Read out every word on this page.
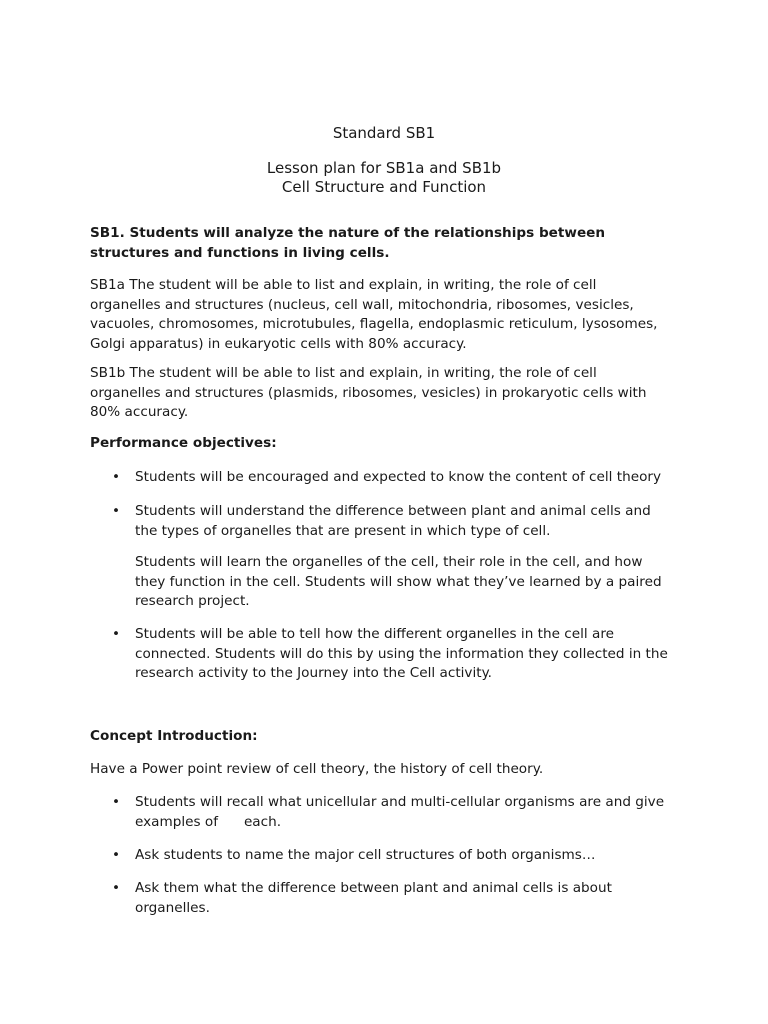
Standard SB1

Lesson plan for SB1a and SB1b

Cell Structure and Function

SB1. Students will analyze the nature of the relationships between
structures and functions in living cells.
SB1a The student will be able to list and explain, in writing, the role of cell
organelles and structures (nucleus, cell wall, mitochondria, ribosomes, vesicles,
vacuoles, chromosomes, microtubules, flagella, endoplasmic reticulum, lysosomes,
Golgi apparatus) in eukaryotic cells with 80% accuracy.
SB1b The student will be able to list and explain, in writing, the role of cell
organelles and structures (plasmids, ribosomes, vesicles) in prokaryotic cells with
80% accuracy.
Performance objectives:
• Students will be encouraged and expected to know the content of cell theory
• Students will understand the difference between plant and animal cells and
the types of organelles that are present in which type of cell.
Students will learn the organelles of the cell, their role in the cell, and how
they function in the cell. Students will show what they’ve learned by a paired
research project.
• Students will be able to tell how the different organelles in the cell are
connected. Students will do this by using the information they collected in the
research activity to the Journey into the Cell activity.
Concept Introduction:
Have a Power point review of cell theory, the history of cell theory.
• Students will recall what unicellular and multi-cellular organisms are and give
examples of      each.
• Ask students to name the major cell structures of both organisms…
• Ask them what the difference between plant and animal cells is about
organelles.
